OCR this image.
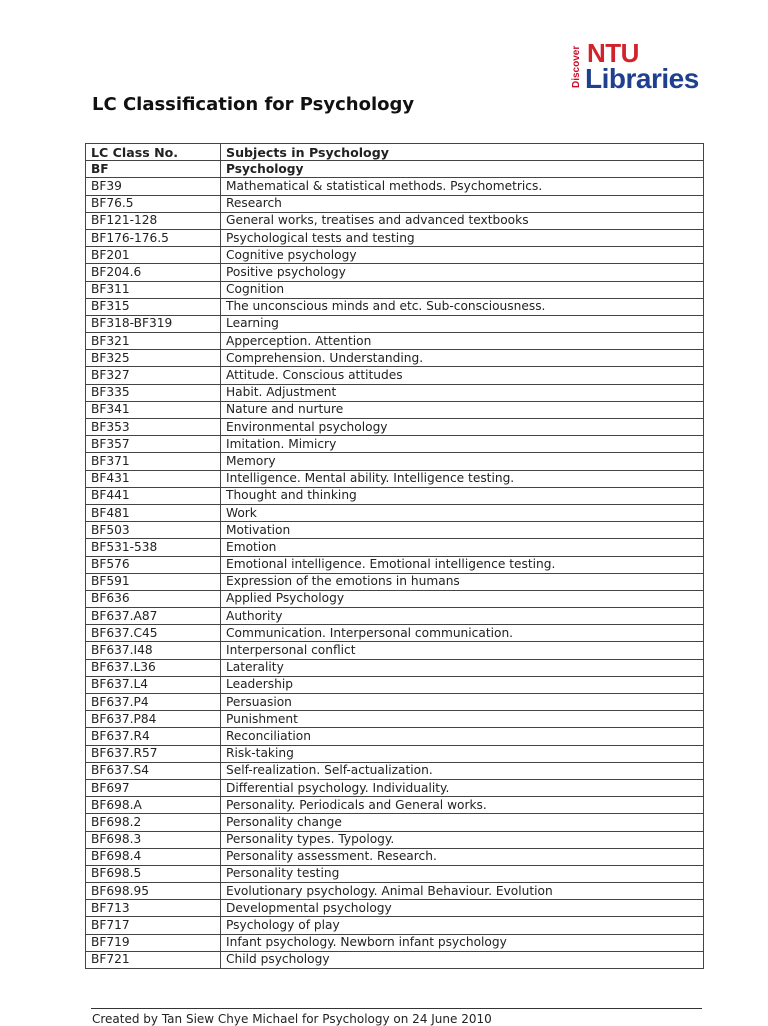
Discover NTU
Libraries
LC Classification for Psychology
LC Class No.	Subjects in Psychology
BF	Psychology
BF39	Mathematical & statistical methods. Psychometrics.
BF76.5	Research
BF121-128	General works, treatises and advanced textbooks
BF176-176.5	Psychological tests and testing
BF201	Cognitive psychology
BF204.6	Positive psychology
BF311	Cognition
BF315	The unconscious minds and etc. Sub-consciousness.
BF318-BF319	Learning
BF321	Apperception. Attention
BF325	Comprehension. Understanding.
BF327	Attitude. Conscious attitudes
BF335	Habit. Adjustment
BF341	Nature and nurture
BF353	Environmental psychology
BF357	Imitation. Mimicry
BF371	Memory
BF431	Intelligence. Mental ability. Intelligence testing.
BF441	Thought and thinking
BF481	Work
BF503	Motivation
BF531-538	Emotion
BF576	Emotional intelligence. Emotional intelligence testing.
BF591	Expression of the emotions in humans
BF636	Applied Psychology
BF637.A87	Authority
BF637.C45	Communication. Interpersonal communication.
BF637.I48	Interpersonal conflict
BF637.L36	Laterality
BF637.L4	Leadership
BF637.P4	Persuasion
BF637.P84	Punishment
BF637.R4	Reconciliation
BF637.R57	Risk-taking
BF637.S4	Self-realization. Self-actualization.
BF697	Differential psychology. Individuality.
BF698.A	Personality. Periodicals and General works.
BF698.2	Personality change
BF698.3	Personality types. Typology.
BF698.4	Personality assessment. Research.
BF698.5	Personality testing
BF698.95	Evolutionary psychology. Animal Behaviour. Evolution
BF713	Developmental psychology
BF717	Psychology of play
BF719	Infant psychology. Newborn infant psychology
BF721	Child psychology
Created by Tan Siew Chye Michael for Psychology on 24 June 2010
